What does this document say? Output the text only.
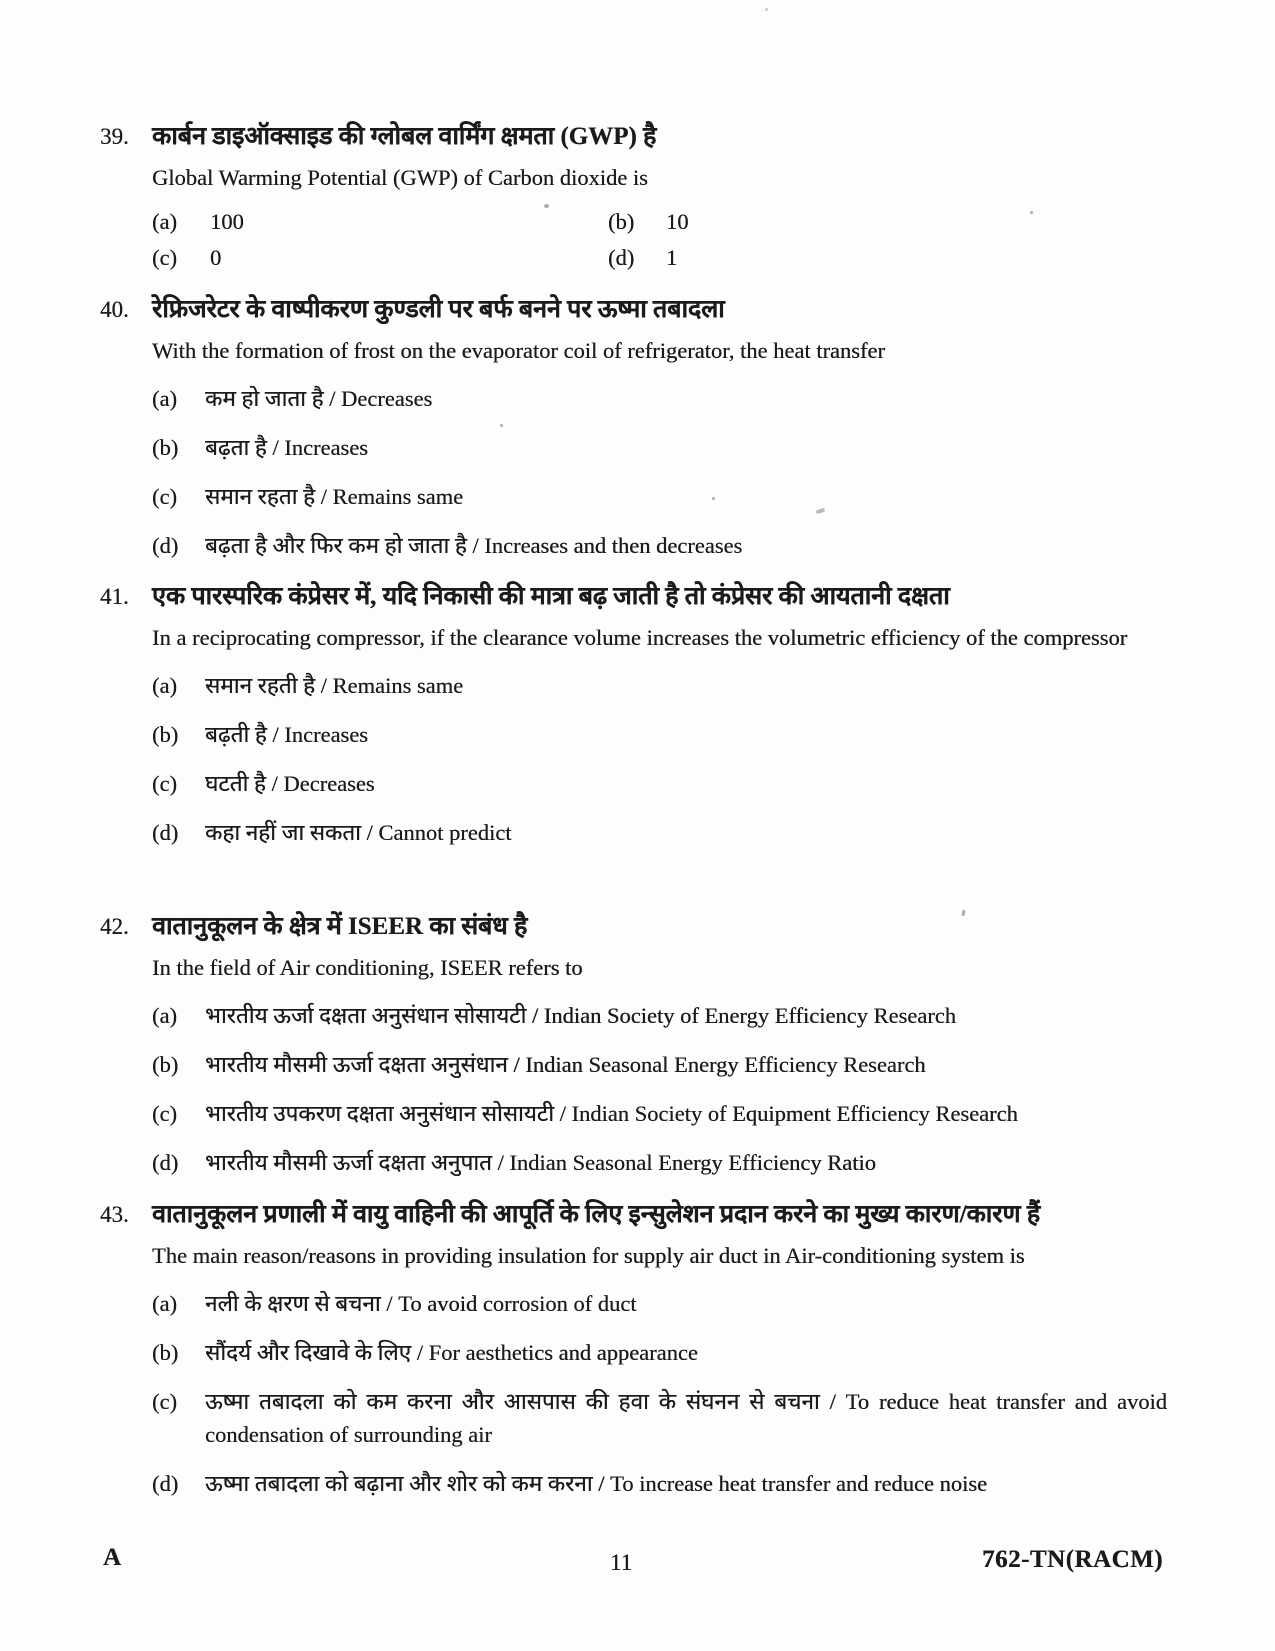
39. कार्बन डाइऑक्साइड की ग्लोबल वार्मिंग क्षमता (GWP) है

Global Warming Potential (GWP) of Carbon dioxide is

(a)	100	(b)	10
(c)	0	(d)	1
40. रेफ्रिजरेटर के वाष्पीकरण कुण्डली पर बर्फ बनने पर ऊष्मा तबादला

With the formation of frost on the evaporator coil of refrigerator, the heat transfer

(a)	कम हो जाता है / Decreases
(b)	बढ़ता है / Increases
(c)	समान रहता है / Remains same
(d)	बढ़ता है और फिर कम हो जाता है / Increases and then decreases
41. एक पारस्परिक कंप्रेसर में, यदि निकासी की मात्रा बढ़ जाती है तो कंप्रेसर की आयतानी दक्षता

In a reciprocating compressor, if the clearance volume increases the volumetric efficiency of the compressor

(a)	समान रहती है / Remains same
(b)	बढ़ती है / Increases
(c)	घटती है / Decreases
(d)	कहा नहीं जा सकता / Cannot predict
42. वातानुकूलन के क्षेत्र में ISEER का संबंध है

In the field of Air conditioning, ISEER refers to

(a)	भारतीय ऊर्जा दक्षता अनुसंधान सोसायटी / Indian Society of Energy Efficiency Research
(b)	भारतीय मौसमी ऊर्जा दक्षता अनुसंधान / Indian Seasonal Energy Efficiency Research
(c)	भारतीय उपकरण दक्षता अनुसंधान सोसायटी / Indian Society of Equipment Efficiency Research
(d)	भारतीय मौसमी ऊर्जा दक्षता अनुपात / Indian Seasonal Energy Efficiency Ratio
43. वातानुकूलन प्रणाली में वायु वाहिनी की आपूर्ति के लिए इन्सुलेशन प्रदान करने का मुख्य कारण/कारण हैं

The main reason/reasons in providing insulation for supply air duct in Air-conditioning system is

(a)	नली के क्षरण से बचना / To avoid corrosion of duct
(b)	सौंदर्य और दिखावे के लिए / For aesthetics and appearance
(c)	ऊष्मा तबादला को कम करना और आसपास की हवा के संघनन से बचना / To reduce heat transfer and avoid condensation of surrounding air
(d)	ऊष्मा तबादला को बढ़ाना और शोर को कम करना / To increase heat transfer and reduce noise
A	11	762-TN(RACM)
